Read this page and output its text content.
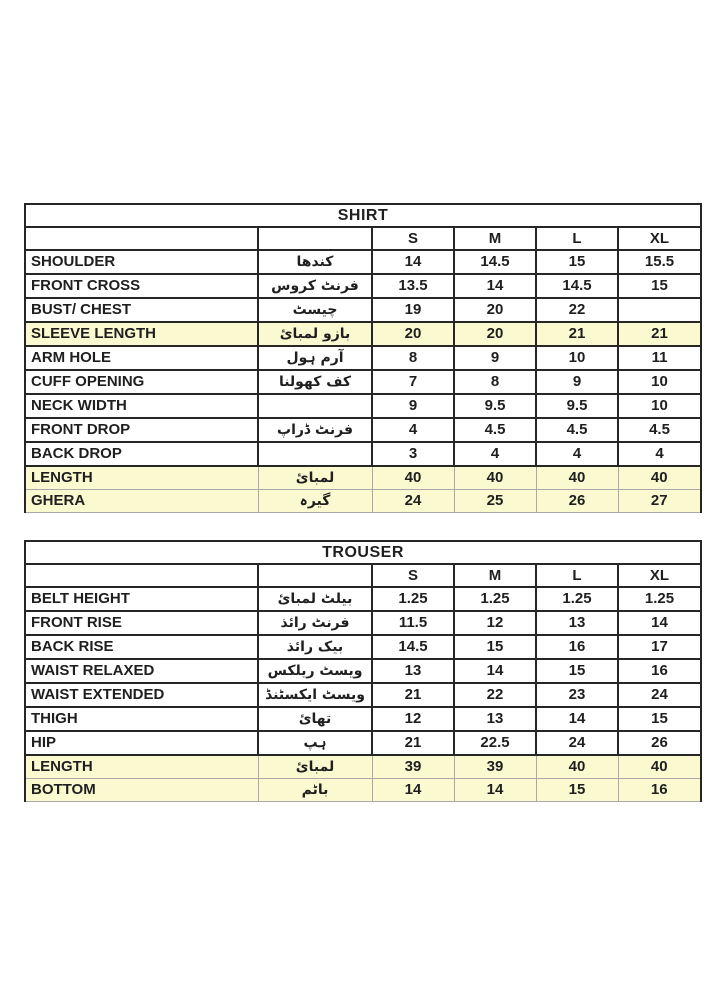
SHIRT					
		S	M	L	XL
SHOULDER	کندھا	14	14.5	15	15.5
FRONT CROSS	فرنٹ کروس	13.5	14	14.5	15
BUST/ CHEST	چیسٹ	19	20	22	
SLEEVE LENGTH	بازو لمبائ	20	20	21	21
ARM HOLE	آرم ہول	8	9	10	11
CUFF OPENING	کف کھولنا	7	8	9	10
NECK WIDTH		9	9.5	9.5	10
FRONT DROP	فرنٹ ڈراپ	4	4.5	4.5	4.5
BACK DROP		3	4	4	4
LENGTH	لمبائ	40	40	40	40
GHERA	گیرہ	24	25	26	27
TROUSER					
		S	M	L	XL
BELT HEIGHT	بیلٹ لمبائ	1.25	1.25	1.25	1.25
FRONT RISE	فرنٹ رائذ	11.5	12	13	14
BACK RISE	بیک رائذ	14.5	15	16	17
WAIST RELAXED	ویسٹ ریلکس	13	14	15	16
WAIST EXTENDED	ویسٹ ایکسٹنڈ	21	22	23	24
THIGH	تھائ	12	13	14	15
HIP	ہپ	21	22.5	24	26
LENGTH	لمبائ	39	39	40	40
BOTTOM	باٹم	14	14	15	16
